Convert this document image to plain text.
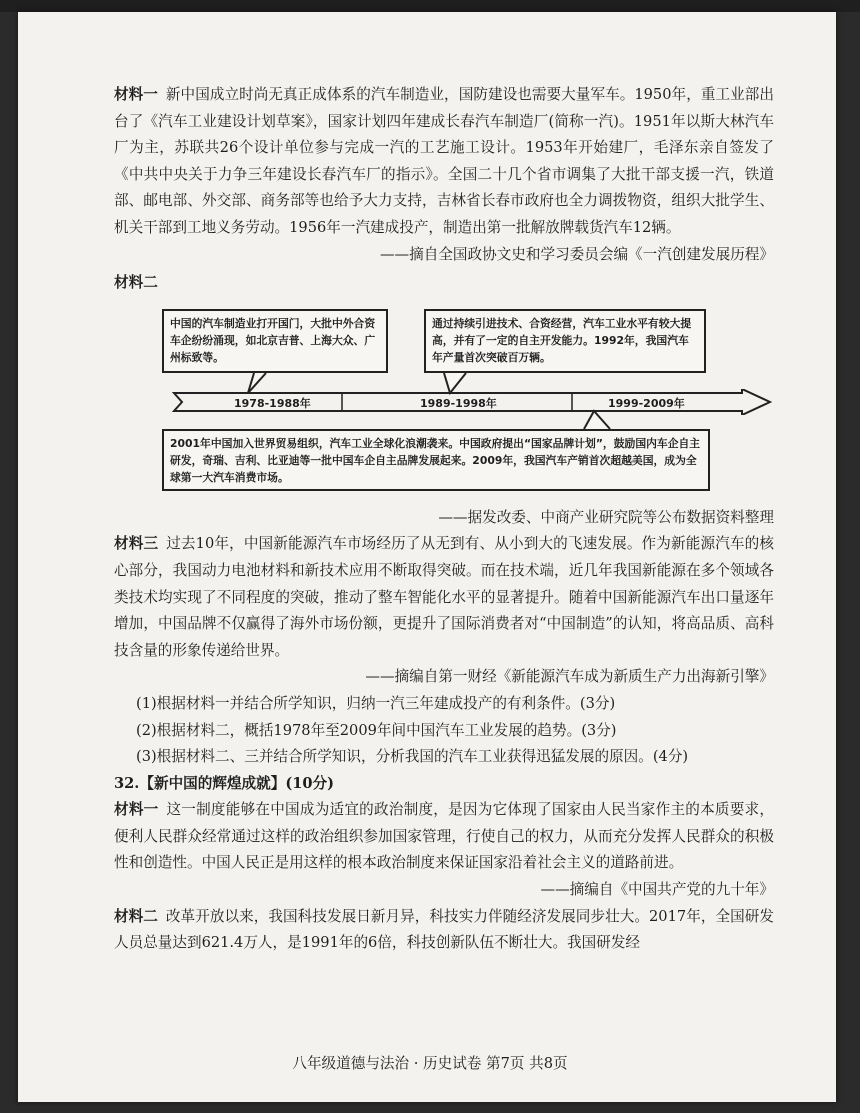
材料一 新中国成立时尚无真正成体系的汽车制造业，国防建设也需要大量军车。1950年，重工业部出台了《汽车工业建设计划草案》，国家计划四年建成长春汽车制造厂(简称一汽)。1951年以斯大林汽车厂为主，苏联共26个设计单位参与完成一汽的工艺施工设计。1953年开始建厂，毛泽东亲自签发了《中共中央关于力争三年建设长春汽车厂的指示》。全国二十几个省市调集了大批干部支援一汽，铁道部、邮电部、外交部、商务部等也给予大力支持，吉林省长春市政府也全力调拨物资，组织大批学生、机关干部到工地义务劳动。1956年一汽建成投产，制造出第一批解放牌载货汽车12辆。

——摘自全国政协文史和学习委员会编《一汽创建发展历程》

材料二

中国的汽车制造业打开国门，大批中外合资车企纷纷涌现，如北京吉普、上海大众、广州标致等。
通过持续引进技术、合资经营，汽车工业水平有较大提高，并有了一定的自主开发能力。1992年，我国汽车年产量首次突破百万辆。
1978-1988年	1989-1998年	1999-2009年
2001年中国加入世界贸易组织，汽车工业全球化浪潮袭来。中国政府提出“国家品牌计划”，鼓励国内车企自主研发，奇瑞、吉利、比亚迪等一批中国车企自主品牌发展起来。2009年，我国汽车产销首次超越美国，成为全球第一大汽车消费市场。

——据发改委、中商产业研究院等公布数据资料整理

材料三 过去10年，中国新能源汽车市场经历了从无到有、从小到大的飞速发展。作为新能源汽车的核心部分，我国动力电池材料和新技术应用不断取得突破。而在技术端，近几年我国新能源在多个领域各类技术均实现了不同程度的突破，推动了整车智能化水平的显著提升。随着中国新能源汽车出口量逐年增加，中国品牌不仅赢得了海外市场份额，更提升了国际消费者对“中国制造”的认知，将高品质、高科技含量的形象传递给世界。

——摘编自第一财经《新能源汽车成为新质生产力出海新引擎》

(1)根据材料一并结合所学知识，归纳一汽三年建成投产的有利条件。(3分)

(2)根据材料二，概括1978年至2009年间中国汽车工业发展的趋势。(3分)

(3)根据材料二、三并结合所学知识，分析我国的汽车工业获得迅猛发展的原因。(4分)

32.【新中国的辉煌成就】(10分)

材料一 这一制度能够在中国成为适宜的政治制度，是因为它体现了国家由人民当家作主的本质要求，便利人民群众经常通过这样的政治组织参加国家管理，行使自己的权力，从而充分发挥人民群众的积极性和创造性。中国人民正是用这样的根本政治制度来保证国家沿着社会主义的道路前进。

——摘编自《中国共产党的九十年》

材料二 改革开放以来，我国科技发展日新月异，科技实力伴随经济发展同步壮大。2017年，全国研发人员总量达到621.4万人，是1991年的6倍，科技创新队伍不断壮大。我国研发经

八年级道德与法治 · 历史试卷 第7页 共8页
